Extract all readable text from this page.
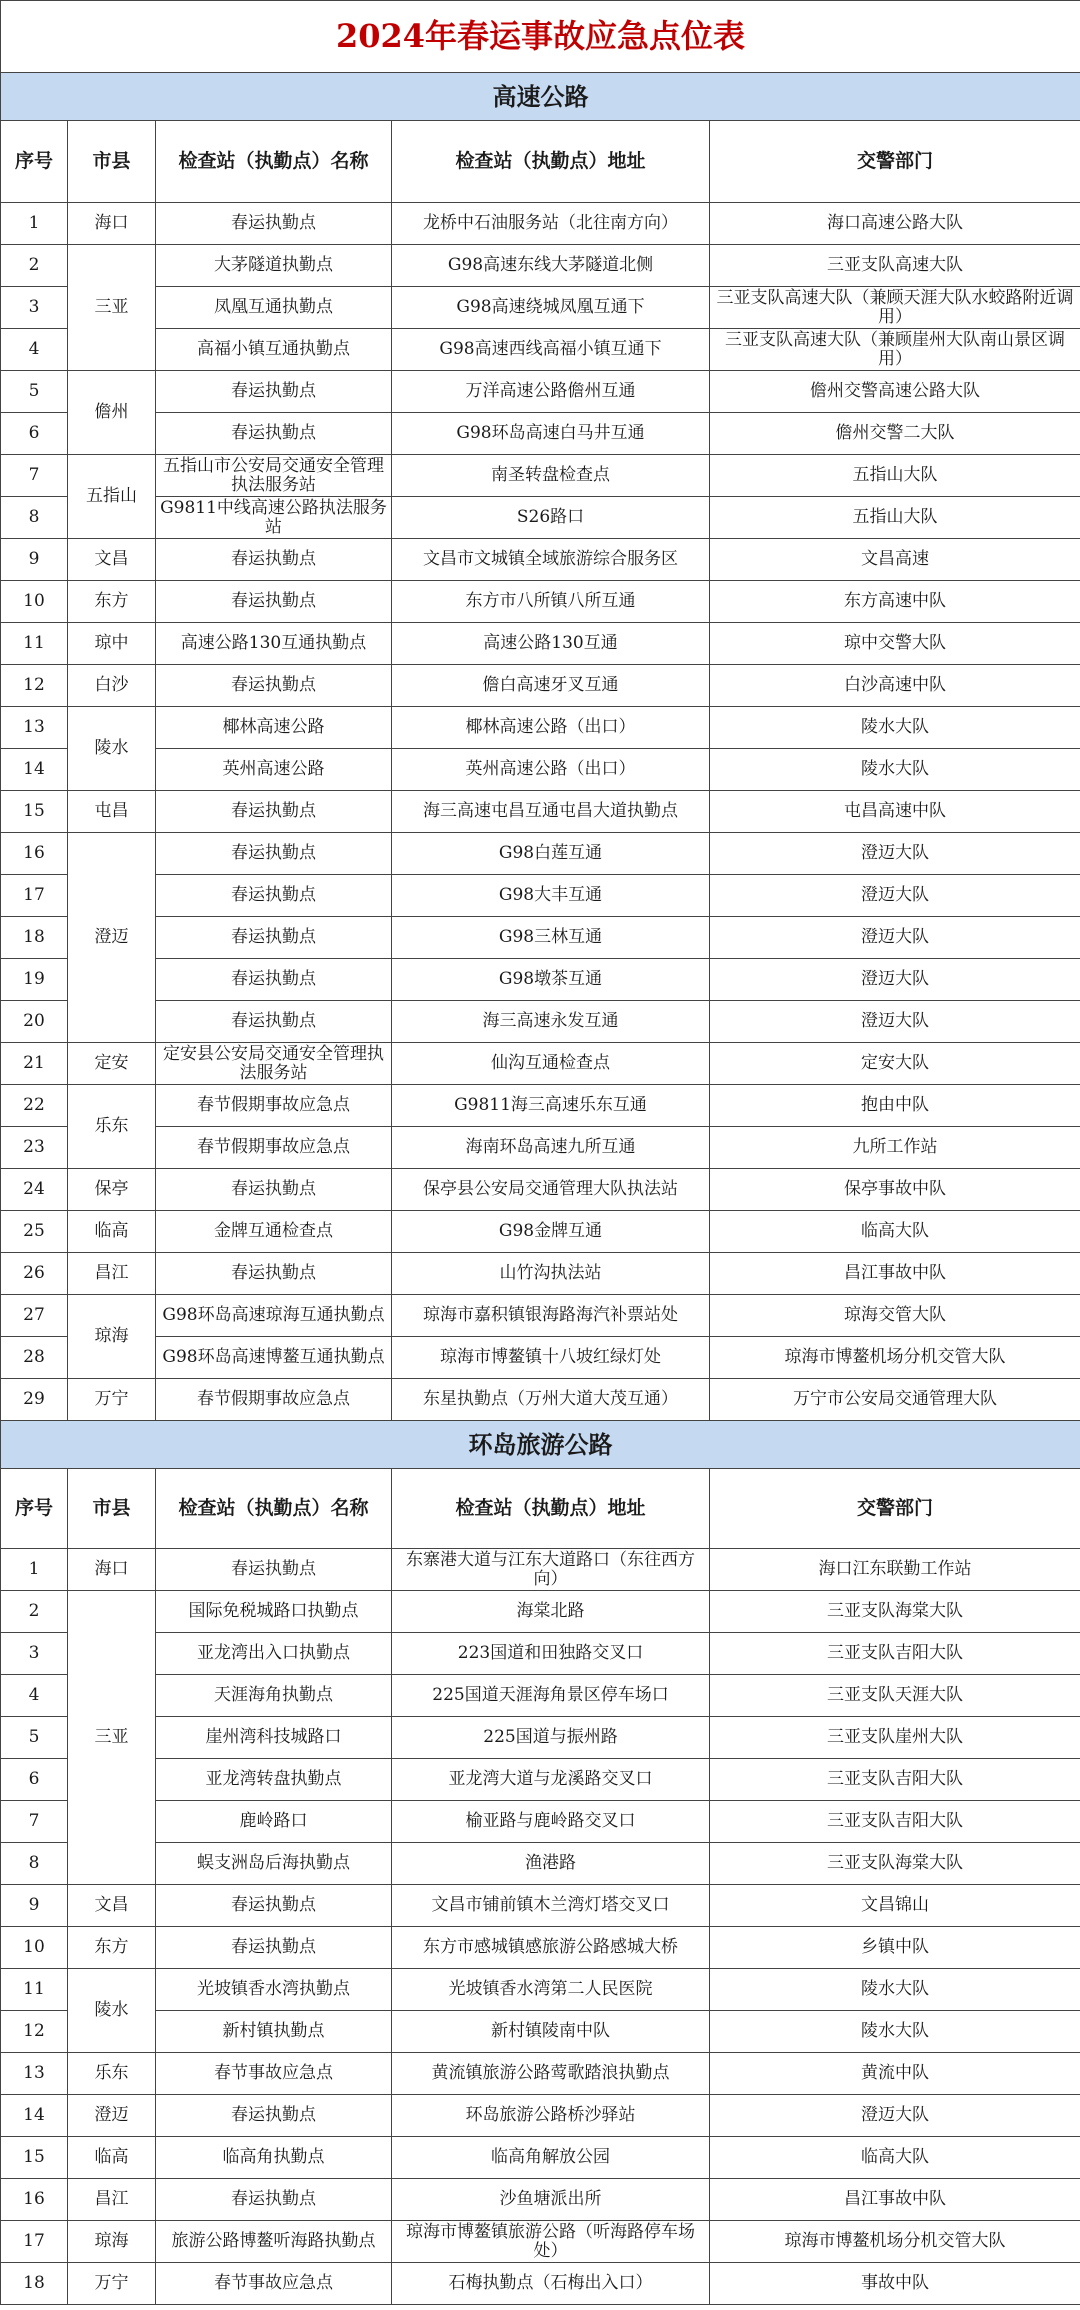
2024年春运事故应急点位表				
高速公路				
序号	市县	检查站（执勤点）名称	检查站（执勤点）地址	交警部门
1	海口	春运执勤点	龙桥中石油服务站（北往南方向）	海口高速公路大队
2	三亚	大茅隧道执勤点	G98高速东线大茅隧道北侧	三亚支队高速大队
3		凤凰互通执勤点	G98高速绕城凤凰互通下	三亚支队高速大队（兼顾天涯大队水蛟路附近调用）
4		高福小镇互通执勤点	G98高速西线高福小镇互通下	三亚支队高速大队（兼顾崖州大队南山景区调用）
5	儋州	春运执勤点	万洋高速公路儋州互通	儋州交警高速公路大队
6		春运执勤点	G98环岛高速白马井互通	儋州交警二大队
7	五指山	五指山市公安局交通安全管理执法服务站	南圣转盘检查点	五指山大队
8		G9811中线高速公路执法服务站	S26路口	五指山大队
9	文昌	春运执勤点	文昌市文城镇全域旅游综合服务区	文昌高速
10	东方	春运执勤点	东方市八所镇八所互通	东方高速中队
11	琼中	高速公路130互通执勤点	高速公路130互通	琼中交警大队
12	白沙	春运执勤点	儋白高速牙叉互通	白沙高速中队
13	陵水	椰林高速公路	椰林高速公路（出口）	陵水大队
14		英州高速公路	英州高速公路（出口）	陵水大队
15	屯昌	春运执勤点	海三高速屯昌互通屯昌大道执勤点	屯昌高速中队
16	澄迈	春运执勤点	G98白莲互通	澄迈大队
17		春运执勤点	G98大丰互通	澄迈大队
18		春运执勤点	G98三林互通	澄迈大队
19		春运执勤点	G98墩茶互通	澄迈大队
20		春运执勤点	海三高速永发互通	澄迈大队
21	定安	定安县公安局交通安全管理执法服务站	仙沟互通检查点	定安大队
22	乐东	春节假期事故应急点	G9811海三高速乐东互通	抱由中队
23		春节假期事故应急点	海南环岛高速九所互通	九所工作站
24	保亭	春运执勤点	保亭县公安局交通管理大队执法站	保亭事故中队
25	临高	金牌互通检查点	G98金牌互通	临高大队
26	昌江	春运执勤点	山竹沟执法站	昌江事故中队
27	琼海	G98环岛高速琼海互通执勤点	琼海市嘉积镇银海路海汽补票站处	琼海交管大队
28		G98环岛高速博鳌互通执勤点	琼海市博鳌镇十八坡红绿灯处	琼海市博鳌机场分机交管大队
29	万宁	春节假期事故应急点	东星执勤点（万州大道大茂互通）	万宁市公安局交通管理大队
环岛旅游公路				
序号	市县	检查站（执勤点）名称	检查站（执勤点）地址	交警部门
1	海口	春运执勤点	东寨港大道与江东大道路口（东往西方向）	海口江东联勤工作站
2	三亚	国际免税城路口执勤点	海棠北路	三亚支队海棠大队
3		亚龙湾出入口执勤点	223国道和田独路交叉口	三亚支队吉阳大队
4		天涯海角执勤点	225国道天涯海角景区停车场口	三亚支队天涯大队
5		崖州湾科技城路口	225国道与振州路	三亚支队崖州大队
6		亚龙湾转盘执勤点	亚龙湾大道与龙溪路交叉口	三亚支队吉阳大队
7		鹿岭路口	榆亚路与鹿岭路交叉口	三亚支队吉阳大队
8		蜈支洲岛后海执勤点	渔港路	三亚支队海棠大队
9	文昌	春运执勤点	文昌市铺前镇木兰湾灯塔交叉口	文昌锦山
10	东方	春运执勤点	东方市感城镇感旅游公路感城大桥	乡镇中队
11	陵水	光坡镇香水湾执勤点	光坡镇香水湾第二人民医院	陵水大队
12		新村镇执勤点	新村镇陵南中队	陵水大队
13	乐东	春节事故应急点	黄流镇旅游公路莺歌踏浪执勤点	黄流中队
14	澄迈	春运执勤点	环岛旅游公路桥沙驿站	澄迈大队
15	临高	临高角执勤点	临高角解放公园	临高大队
16	昌江	春运执勤点	沙鱼塘派出所	昌江事故中队
17	琼海	旅游公路博鳌听海路执勤点	琼海市博鳌镇旅游公路（听海路停车场处）	琼海市博鳌机场分机交管大队
18	万宁	春节事故应急点	石梅执勤点（石梅出入口）	事故中队
